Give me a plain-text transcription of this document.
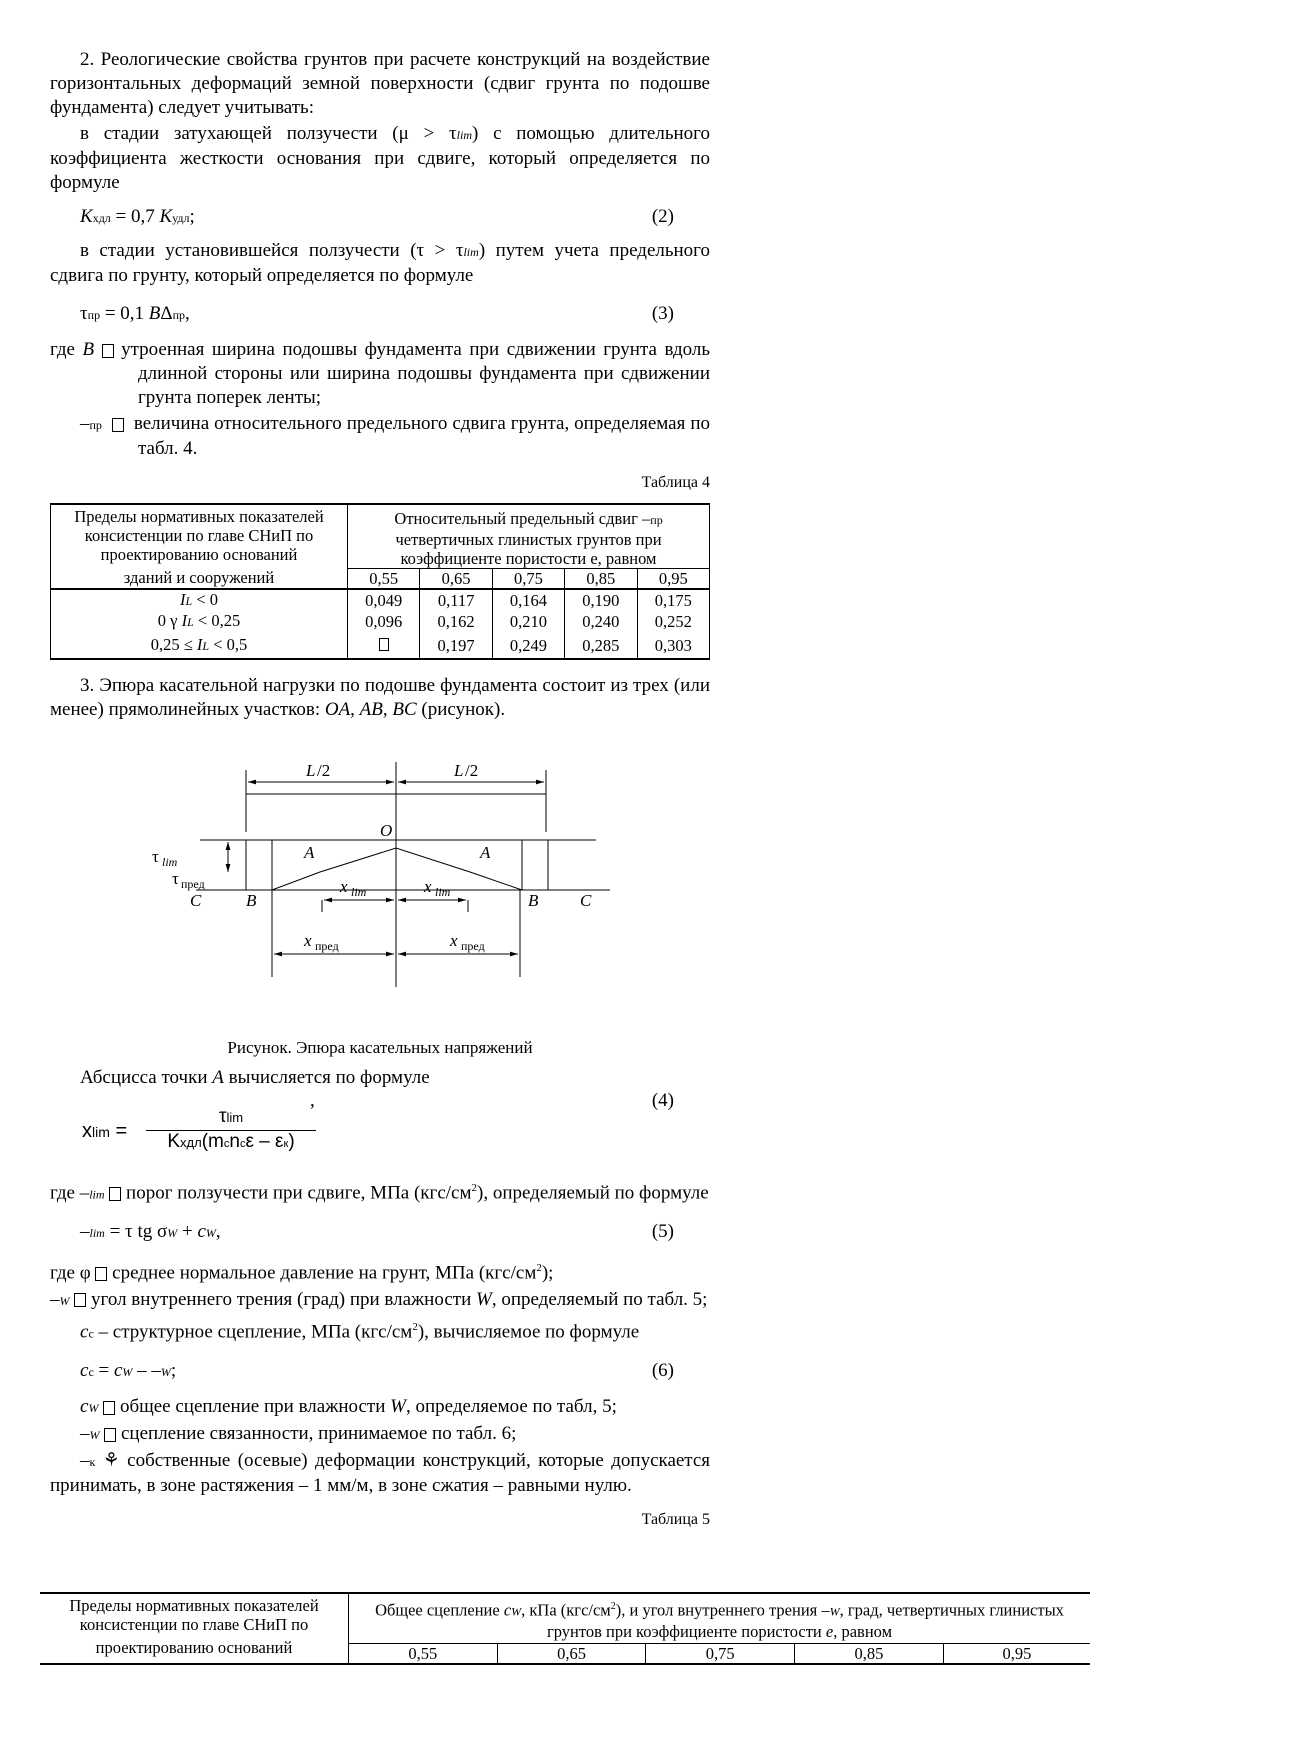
2. Реологические свойства грунтов при расчете конструкций на воздействие горизонтальных деформаций земной поверхности (сдвиг грунта по подошве фундамента) следует учитывать:

в стадии затухающей ползучести (μ > τlim) с помощью длительного коэффициента жесткости основания при сдвиге, который определяется по формуле

Kхдл = 0,7 Kудл;	(2)

в стадии установившейся ползучести (τ > τlim) путем учета предельного сдвига по грунту, который определяется по формуле

τпр = 0,1 BΔпр,	(3)

где B утроенная ширина подошвы фундамента при сдвижении грунта вдоль длинной стороны или ширина подошвы фундамента при сдвижении грунта поперек ленты;

–пр величина относительного предельного сдвига грунта, определяемая по табл. 4.

Таблица 4
Пределы нормативных показателей консистенции по главе СНиП по проектированию оснований
зданий и сооружений	Относительный предельный сдвиг –пр четвертичных глинистых грунтов при коэффициенте пористости e, равном				
	0,55	0,65	0,75	0,85	0,95
IL < 0	0,049	0,117	0,164	0,190	0,175
0 γ IL < 0,25	0,096	0,162	0,210	0,240	0,252
0,25 ≤ IL < 0,5		0,197	0,249	0,285	0,303

3. Эпюра касательной нагрузки по подошве фундамента состоит из трех (или менее) прямолинейных участков: OA, AB, BC (рисунок).

L /2	L /2
O
A	A
B	B
C	C
τ lim
τ пред	x lim	x lim
x пред	x пред
Рисунок. Эпюра касательных напряжений

Абсцисса точки A вычисляется по формуле

,	(4)
xlim =
τlim
Kхдл(mcncε – εк)

где –lim порог ползучести при сдвиге, МПа $(кгс/см^2)$, определяемый по формуле

–lim = τ tg σW + cW,	(5)

где φ среднее нормальное давление на грунт, МПа $(кгс/см^2)$;

–W угол внутреннего трения (град) при влажности W, определяемый по табл. 5;

cc – структурное сцепление, МПа $(кгс/см^2)$, вычисляемое по формуле

cc = cW – –W;	(6)

cW общее сцепление при влажности W, определяемое по табл, 5;

–W сцепление связанности, принимаемое по табл. 6;

–к ⚘ собственные (осевые) деформации конструкций, которые допускается принимать, в зоне растяжения – 1 мм/м, в зоне сжатия – равными нулю.

Таблица 5
Пределы нормативных показателей консистенции по главе СНиП по
проектированию оснований	Общее сцепление cW, кПа $(кгс/см^2)$, и угол внутреннего трения –W, град, четвертичных глинистых грунтов при коэффициенте пористости e, равном				
	0,55	0,65	0,75	0,85	0,95
